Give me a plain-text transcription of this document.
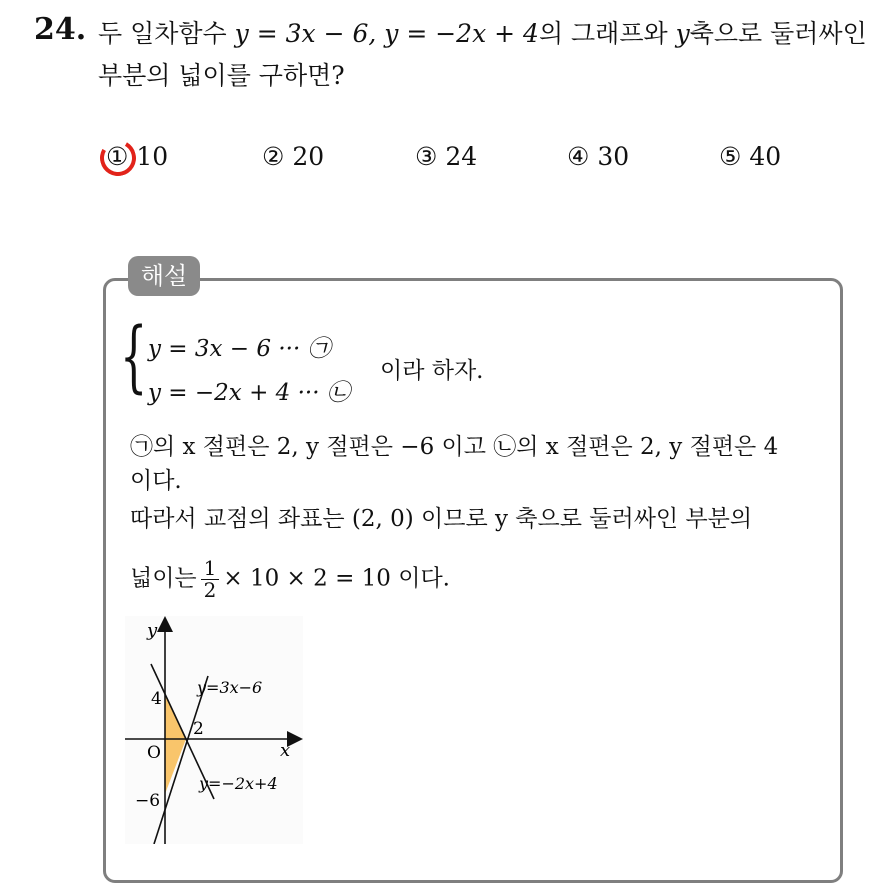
24. 두 일차함수 y = 3x − 6, y = −2x + 4의 그래프와 y축으로 둘러싸인
부분의 넓이를 구하면?
① 10	② 20	③ 24	④ 30	⑤ 40
해설
{ y = 3x − 6 ··· ㉠
y = −2x + 4 ··· ㉡
이라 하자.
㉠의 x 절편은 2, y 절편은 −6 이고 ㉡의 x 절편은 2, y 절편은 4
이다.
따라서 교점의 좌표는 (2, 0) 이므로 y 축으로 둘러싸인 부분의
넓이는 $\frac{1}{2} \times 10 \times 2 = 10$ 이다.
y
x
O
4
2
−6
y=3x−6
y=−2x+4
